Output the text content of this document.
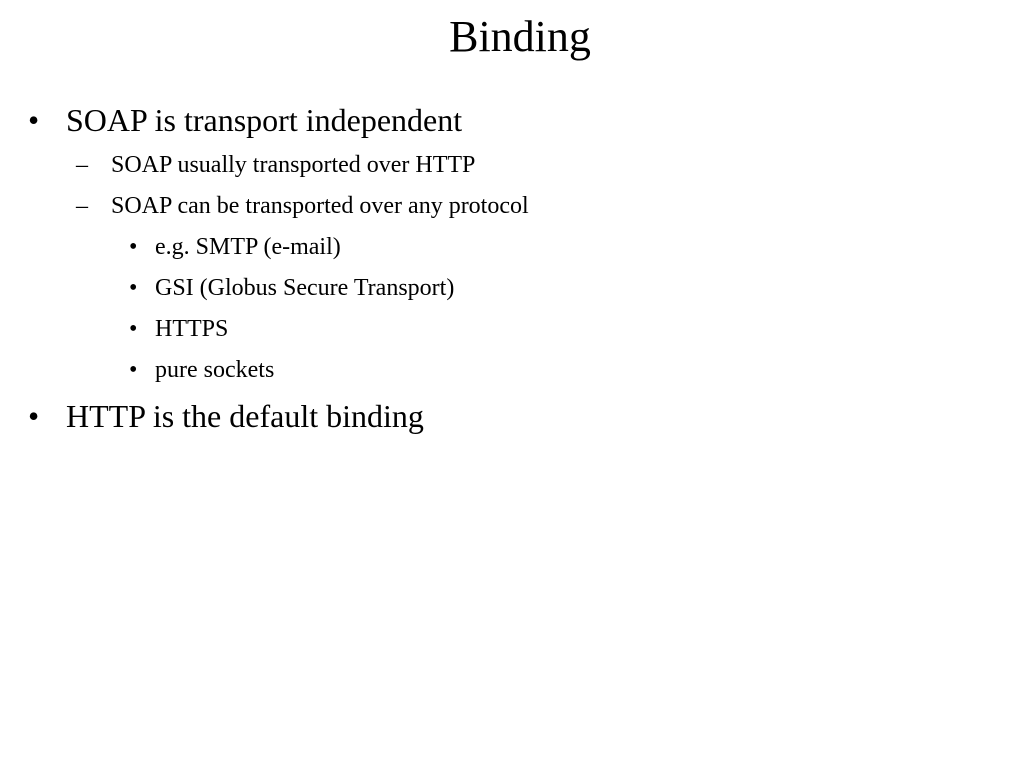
Binding
• SOAP is transport independent
– SOAP usually transported over HTTP
– SOAP can be transported over any protocol
• e.g. SMTP (e-mail)
• GSI (Globus Secure Transport)
• HTTPS
• pure sockets
• HTTP is the default binding
